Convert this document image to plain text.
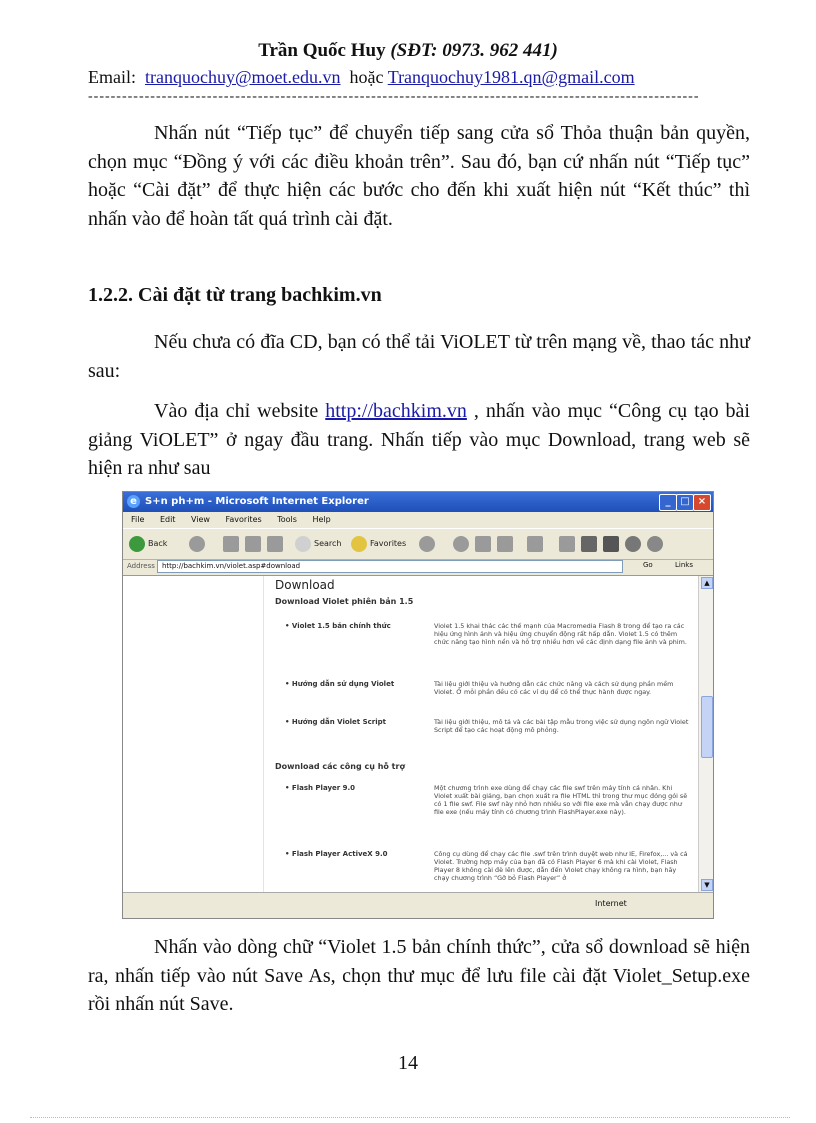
Trần Quốc Huy (SĐT: 0973. 962 441)
Email: tranquochuy@moet.edu.vn hoặc Tranquochuy1981.qn@gmail.com
------------------------------------------------------------------------------------------------------------
Nhấn nút “Tiếp tục” để chuyển tiếp sang cửa sổ Thỏa thuận bản quyền, chọn mục “Đồng ý với các điều khoản trên”. Sau đó, bạn cứ nhấn nút “Tiếp tục” hoặc “Cài đặt” để thực hiện các bước cho đến khi xuất hiện nút “Kết thúc” thì nhấn vào để hoàn tất quá trình cài đặt.
1.2.2. Cài đặt từ trang bachkim.vn
Nếu chưa có đĩa CD, bạn có thể tải ViOLET từ trên mạng về, thao tác như sau:
Vào địa chỉ website http://bachkim.vn , nhấn vào mục “Công cụ tạo bài giảng ViOLET” ở ngay đầu trang. Nhấn tiếp vào mục Download, trang web sẽ hiện ra như sau
e S+n ph+m - Microsoft Internet Explorer	_ □ ×
File Edit View Favorites Tools Help
Back	Search	Favorites
Address	http://bachkim.vn/violet.asp#download	Go	Links
Download
Download Violet phiên bản 1.5
• Violet 1.5 bản chính thức	Violet 1.5 khai thác các thế mạnh của Macromedia Flash 8 trong để tạo ra các hiệu ứng hình ảnh và hiệu ứng chuyển động rất hấp dẫn. Violet 1.5 có thêm chức năng tạo hình nền và hỗ trợ nhiều hơn về các định dạng file ảnh và phim.
• Hướng dẫn sử dụng Violet	Tài liệu giới thiệu và hướng dẫn các chức năng và cách sử dụng phần mềm Violet. Ở mỗi phần đều có các ví dụ để có thể thực hành được ngay.
• Hướng dẫn Violet Script	Tài liệu giới thiệu, mô tả và các bài tập mẫu trong việc sử dụng ngôn ngữ Violet Script để tạo các hoạt động mô phỏng.
Download các công cụ hỗ trợ
• Flash Player 9.0	Một chương trình exe dùng để chạy các file swf trên máy tính cá nhân. Khi Violet xuất bài giảng, bạn chọn xuất ra file HTML thì trong thư mục đóng gói sẽ có 1 file swf. File swf này nhỏ hơn nhiều so với file exe mà vẫn chạy được như file exe (nếu máy tính có chương trình FlashPlayer.exe này).
• Flash Player ActiveX 9.0	Công cụ dùng để chạy các file .swf trên trình duyệt web như IE, Firefox,... và cả Violet. Trường hợp máy của bạn đã có Flash Player 6 mà khi cài Violet, Flash Player 8 không cài đè lên được, dẫn đến Violet chạy không ra hình, bạn hãy chạy chương trình “Gỡ bỏ Flash Player” ở
▲
▼
Internet
Nhấn vào dòng chữ “Violet 1.5 bản chính thức”, cửa sổ download sẽ hiện ra, nhấn tiếp vào nút Save As, chọn thư mục để lưu file cài đặt Violet_Setup.exe rồi nhấn nút Save.
14
